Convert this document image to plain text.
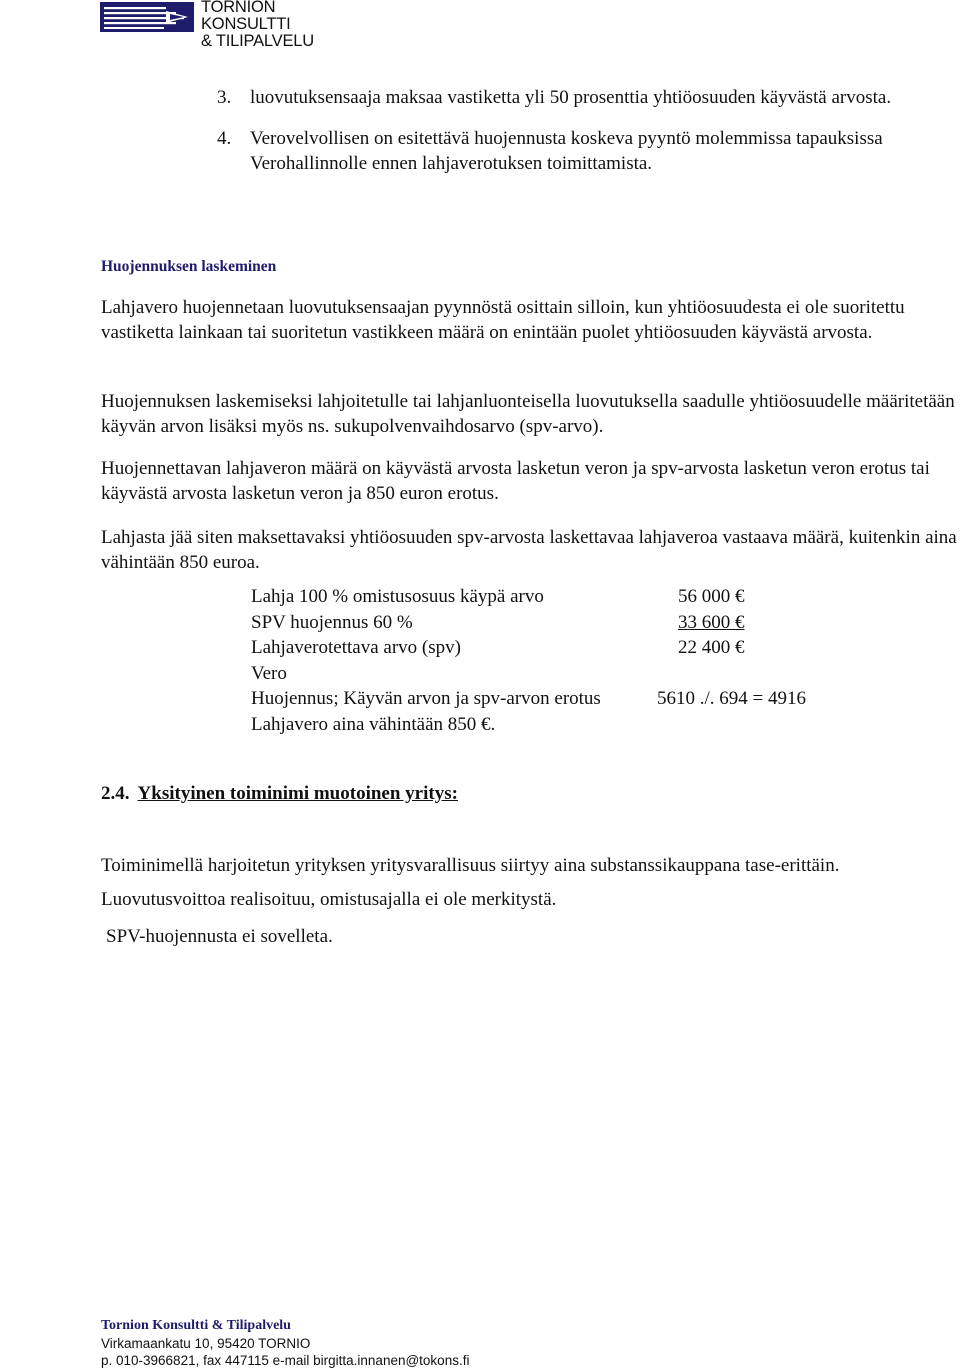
TORNION KONSULTTI
& TILIPALVELU
3. luovutuksensaaja maksaa vastiketta yli 50 prosenttia yhtiöosuuden käyvästä arvosta.
4. Verovelvollisen on esitettävä huojennusta koskeva pyyntö molemmissa tapauksissa Verohallinnolle ennen lahjaverotuksen toimittamista.
Huojennuksen laskeminen
Lahjavero huojennetaan luovutuksensaajan pyynnöstä osittain silloin, kun yhtiöosuudesta ei ole suoritettu vastiketta lainkaan tai suoritetun vastikkeen määrä on enintään puolet yhtiöosuuden käyvästä arvosta.
Huojennuksen laskemiseksi lahjoitetulle tai lahjanluonteisella luovutuksella saadulle yhtiöosuudelle määritetään käyvän arvon lisäksi myös ns. sukupolvenvaihdosarvo (spv-arvo).
Huojennettavan lahjaveron määrä on käyvästä arvosta lasketun veron ja spv-arvosta lasketun veron erotus tai käyvästä arvosta lasketun veron ja 850 euron erotus.
Lahjasta jää siten maksettavaksi yhtiöosuuden spv-arvosta laskettavaa lahjaveroa vastaava määrä, kuitenkin aina vähintään 850 euroa.
Lahja 100 % omistusosuus käypä arvo	56 000 €
SPV huojennus 60 %	33 600 €
Lahjaverotettava arvo (spv)	22 400 €
Vero
Huojennus; Käyvän arvon ja spv-arvon erotus	5610 ./. 694 = 4916
Lahjavero aina vähintään 850 €.
2.4. Yksityinen toiminimi muotoinen yritys:
Toiminimellä harjoitetun yrityksen yritysvarallisuus siirtyy aina substanssikauppana tase-erittäin.
Luovutusvoittoa realisoituu, omistusajalla ei ole merkitystä.
SPV-huojennusta ei sovelleta.
Tornion Konsultti & Tilipalvelu
Virkamaankatu 10, 95420 TORNIO
p. 010-3966821, fax 447115 e-mail birgitta.innanen@tokons.fi
